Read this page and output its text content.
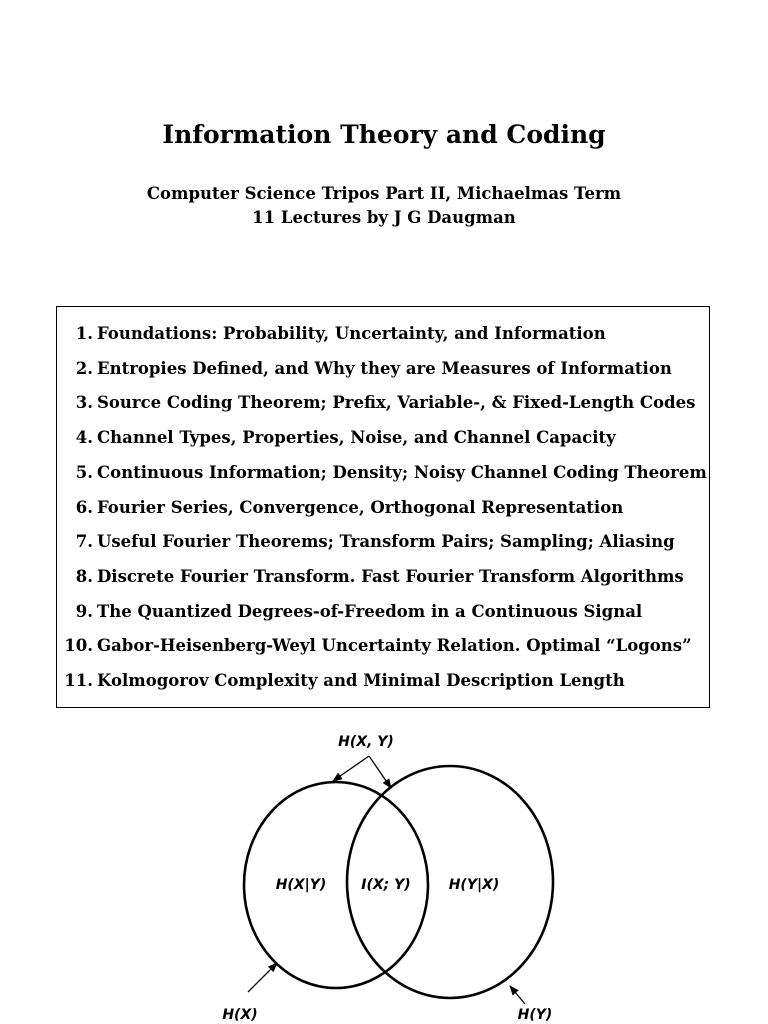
Information Theory and Coding
Computer Science Tripos Part II, Michaelmas Term
11 Lectures by J G Daugman
1. Foundations: Probability, Uncertainty, and Information
2. Entropies Defined, and Why they are Measures of Information
3. Source Coding Theorem; Prefix, Variable-, & Fixed-Length Codes
4. Channel Types, Properties, Noise, and Channel Capacity
5. Continuous Information; Density; Noisy Channel Coding Theorem
6. Fourier Series, Convergence, Orthogonal Representation
7. Useful Fourier Theorems; Transform Pairs; Sampling; Aliasing
8. Discrete Fourier Transform. Fast Fourier Transform Algorithms
9. The Quantized Degrees-of-Freedom in a Continuous Signal
10. Gabor-Heisenberg-Weyl Uncertainty Relation. Optimal “Logons”
11. Kolmogorov Complexity and Minimal Description Length
H(X, Y)
H(X|Y)	I(X; Y)	H(Y|X)
H(X)	H(Y)
